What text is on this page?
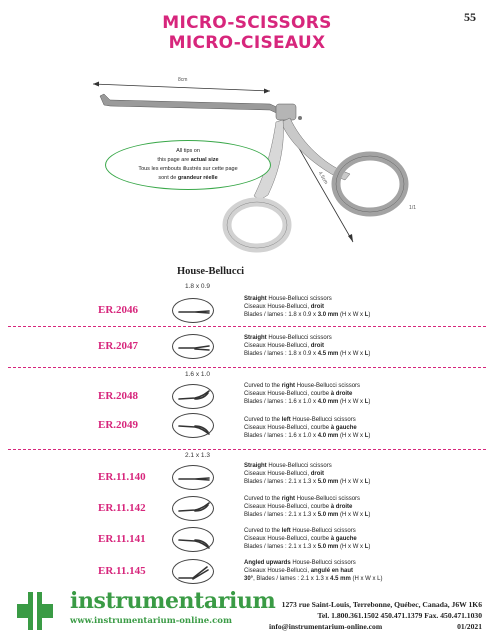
55
MICRO-SCISSORS
MICRO-CISEAUX
8cm
4.5cm
1/1
All tips on
this page are actual size
Tous les embouts illustrés sur cette page
sont de grandeur réelle
House-Bellucci
1.8 x 0.9
1.6 x 1.0
2.1 x 1.3
ER.2046
Straight House-Bellucci scissors
Ciseaux House-Bellucci, droit
Blades / lames : 1.8 x 0.9 x 3.0 mm (H x W x L)
ER.2047
Straight House-Bellucci scissors
Ciseaux House-Bellucci, droit
Blades / lames : 1.8 x 0.9 x 4.5 mm (H x W x L)
ER.2048
Curved to the right House-Bellucci scissors
Ciseaux House-Bellucci, courbe à droite
Blades / lames : 1.6 x 1.0 x 4.0 mm (H x W x L)
ER.2049	Curved to the left House-Bellucci scissors
Ciseaux House-Bellucci, courbe à gauche
Blades / lames : 1.6 x 1.0 x 4.0 mm (H x W x L)
ER.11.140
Straight House-Bellucci scissors
Ciseaux House-Bellucci, droit
Blades / lames : 2.1 x 1.3 x 5.0 mm (H x W x L)
ER.11.142
Curved to the right House-Bellucci scissors
Ciseaux House-Bellucci, courbe à droite
Blades / lames : 2.1 x 1.3 x 5.0 mm (H x W x L)
ER.11.141
Curved to the left House-Bellucci scissors
Ciseaux House-Bellucci, courbe à gauche
Blades / lames : 2.1 x 1.3 x 5.0 mm (H x W x L)
ER.11.145
Angled upwards House-Bellucci scissors
Ciseaux House-Bellucci, angulé en haut
30°, Blades / lames : 2.1 x 1.3 x 4.5 mm (H x W x L)
instrumentarium
www.instrumentarium-online.com
1273 rue Saint-Louis, Terrebonne, Québec, Canada, J6W 1K6
Tel. 1.800.361.1502 450.471.1379 Fax. 450.471.1030
info@instrumentarium-online.com	01/2021
